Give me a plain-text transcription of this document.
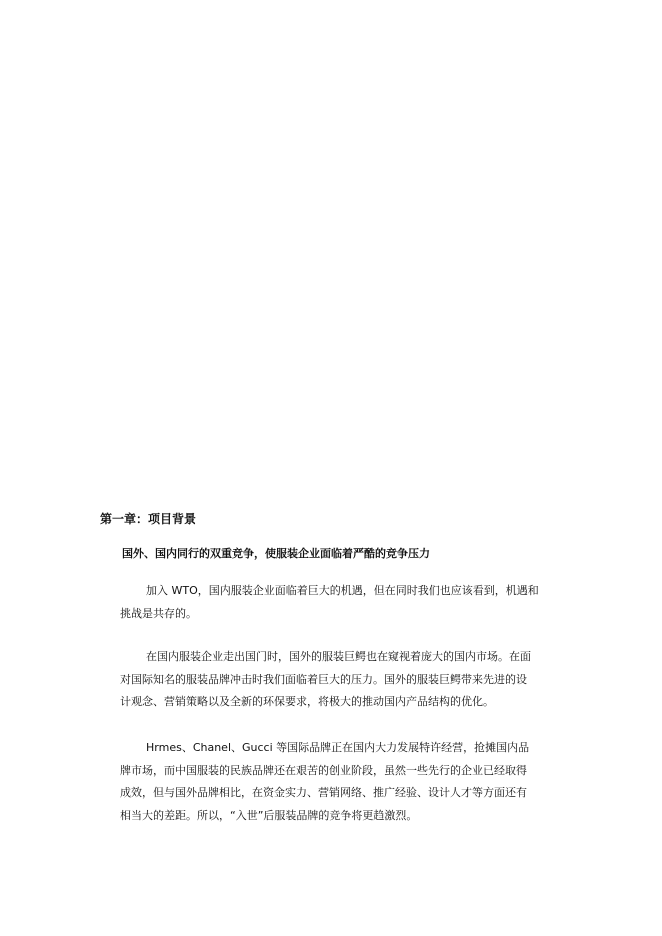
第一章：项目背景
国外、国内同行的双重竞争，使服装企业面临着严酷的竞争压力

加入 WTO，国内服装企业面临着巨大的机遇，但在同时我们也应该看到，机遇和
挑战是共存的。

在国内服装企业走出国门时，国外的服装巨鳄也在窥视着庞大的国内市场。在面
对国际知名的服装品牌冲击时我们面临着巨大的压力。国外的服装巨鳄带来先进的设
计观念、营销策略以及全新的环保要求，将极大的推动国内产品结构的优化。

Hrmes、Chanel、Gucci 等国际品牌正在国内大力发展特许经营，抢摊国内品
牌市场，而中国服装的民族品牌还在艰苦的创业阶段，虽然一些先行的企业已经取得
成效，但与国外品牌相比，在资金实力、营销网络、推广经验、设计人才等方面还有
相当大的差距。所以，“入世”后服装品牌的竞争将更趋激烈。
